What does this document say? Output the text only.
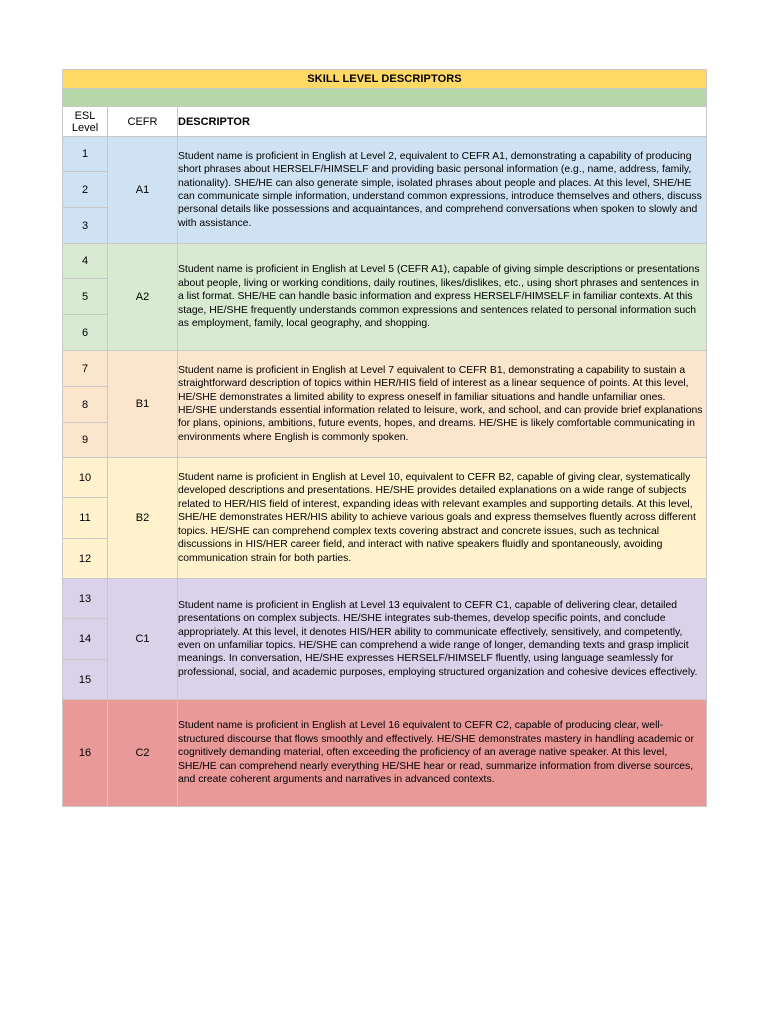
SKILL LEVEL DESCRIPTORS		

ESL
Level	CEFR	DESCRIPTOR
1	A1	Student name is proficient in English at Level 2, equivalent to CEFR A1, demonstrating a capability of producing short phrases about HERSELF/HIMSELF and providing basic personal information (e.g., name, address, family, nationality). SHE/HE can also generate simple, isolated phrases about people and places. At this level, SHE/HE can communicate simple information, understand common expressions, introduce themselves and others, discuss personal details like possessions and acquaintances, and comprehend conversations when spoken to slowly and with assistance.
2		
3		
4	A2	Student name is proficient in English at Level 5 (CEFR A1), capable of giving simple descriptions or presentations about people, living or working conditions, daily routines, likes/dislikes, etc., using short phrases and sentences in a list format. SHE/HE can handle basic information and express HERSELF/HIMSELF in familiar contexts. At this stage, HE/SHE frequently understands common expressions and sentences related to personal information such as employment, family, local geography, and shopping.
5		
6		
7	B1	Student name is proficient in English at Level 7 equivalent to CEFR B1, demonstrating a capability to sustain a straightforward description of topics within HER/HIS field of interest as a linear sequence of points. At this level, HE/SHE demonstrates a limited ability to express oneself in familiar situations and handle unfamiliar ones. HE/SHE understands essential information related to leisure, work, and school, and can provide brief explanations for plans, opinions, ambitions, future events, hopes, and dreams. HE/SHE is likely comfortable communicating in environments where English is commonly spoken.
8		
9		
10	B2	Student name is proficient in English at Level 10, equivalent to CEFR B2, capable of giving clear, systematically developed descriptions and presentations. HE/SHE provides detailed explanations on a wide range of subjects related to HER/HIS field of interest, expanding ideas with relevant examples and supporting details. At this level, SHE/HE demonstrates HER/HIS ability to achieve various goals and express themselves fluently across different topics. HE/SHE can comprehend complex texts covering abstract and concrete issues, such as technical discussions in HIS/HER career field, and interact with native speakers fluidly and spontaneously, avoiding communication strain for both parties.
11		
12		
13	C1	Student name is proficient in English at Level 13 equivalent to CEFR C1, capable of delivering clear, detailed presentations on complex subjects. HE/SHE integrates sub-themes, develop specific points, and conclude appropriately. At this level, it denotes HIS/HER ability to communicate effectively, sensitively, and competently, even on unfamiliar topics. HE/SHE can comprehend a wide range of longer, demanding texts and grasp implicit meanings. In conversation, HE/SHE expresses HERSELF/HIMSELF fluently, using language seamlessly for professional, social, and academic purposes, employing structured organization and cohesive devices effectively.
14		
15		
16	C2	Student name is proficient in English at Level 16 equivalent to CEFR C2, capable of producing clear, well-structured discourse that flows smoothly and effectively. HE/SHE demonstrates mastery in handling academic or cognitively demanding material, often exceeding the proficiency of an average native speaker. At this level, SHE/HE can comprehend nearly everything HE/SHE hear or read, summarize information from diverse sources, and create coherent arguments and narratives in advanced contexts.
